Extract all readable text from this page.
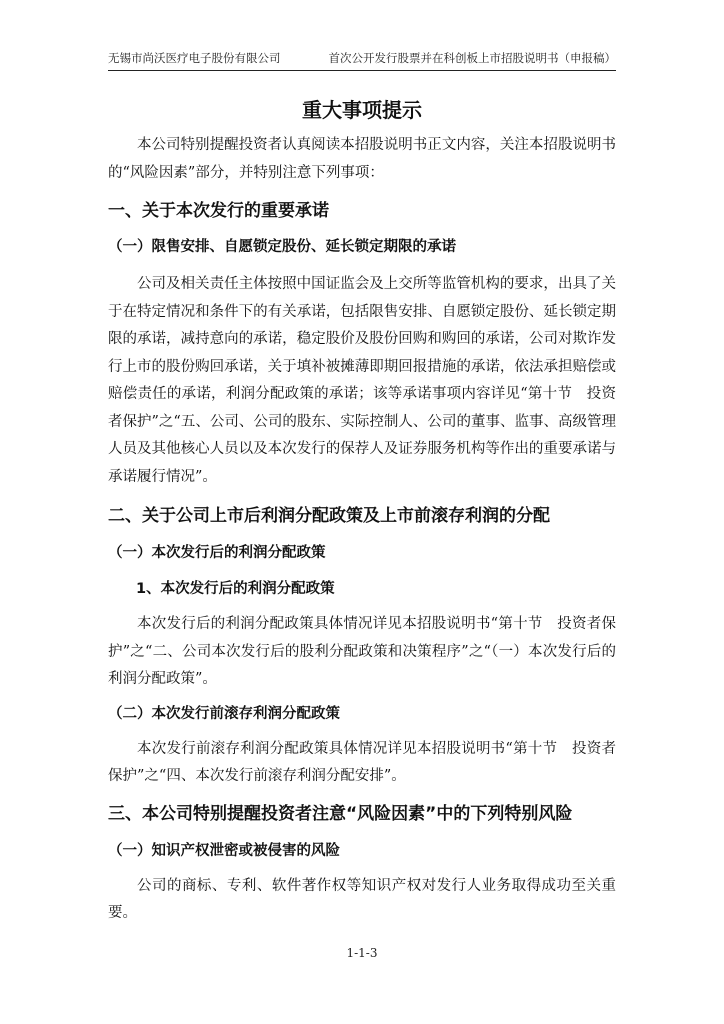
无锡市尚沃医疗电子股份有限公司	首次公开发行股票并在科创板上市招股说明书（申报稿）
重大事项提示

本公司特别提醒投资者认真阅读本招股说明书正文内容，关注本招股说明书的“风险因素”部分，并特别注意下列事项：

一、关于本次发行的重要承诺
（一）限售安排、自愿锁定股份、延长锁定期限的承诺

公司及相关责任主体按照中国证监会及上交所等监管机构的要求，出具了关于在特定情况和条件下的有关承诺，包括限售安排、自愿锁定股份、延长锁定期限的承诺，减持意向的承诺，稳定股价及股份回购和购回的承诺，公司对欺诈发行上市的股份购回承诺，关于填补被摊薄即期回报措施的承诺，依法承担赔偿或赔偿责任的承诺，利润分配政策的承诺；该等承诺事项内容详见“第十节　投资者保护”之“五、公司、公司的股东、实际控制人、公司的董事、监事、高级管理人员及其他核心人员以及本次发行的保荐人及证券服务机构等作出的重要承诺与承诺履行情况”。

二、关于公司上市后利润分配政策及上市前滚存利润的分配
（一）本次发行后的利润分配政策
1、本次发行后的利润分配政策

本次发行后的利润分配政策具体情况详见本招股说明书“第十节　投资者保护”之“二、公司本次发行后的股利分配政策和决策程序”之“（一）本次发行后的利润分配政策”。

（二）本次发行前滚存利润分配政策

本次发行前滚存利润分配政策具体情况详见本招股说明书“第十节　投资者保护”之“四、本次发行前滚存利润分配安排”。

三、本公司特别提醒投资者注意“风险因素”中的下列特别风险
（一）知识产权泄密或被侵害的风险

公司的商标、专利、软件著作权等知识产权对发行人业务取得成功至关重要。

1-1-3
